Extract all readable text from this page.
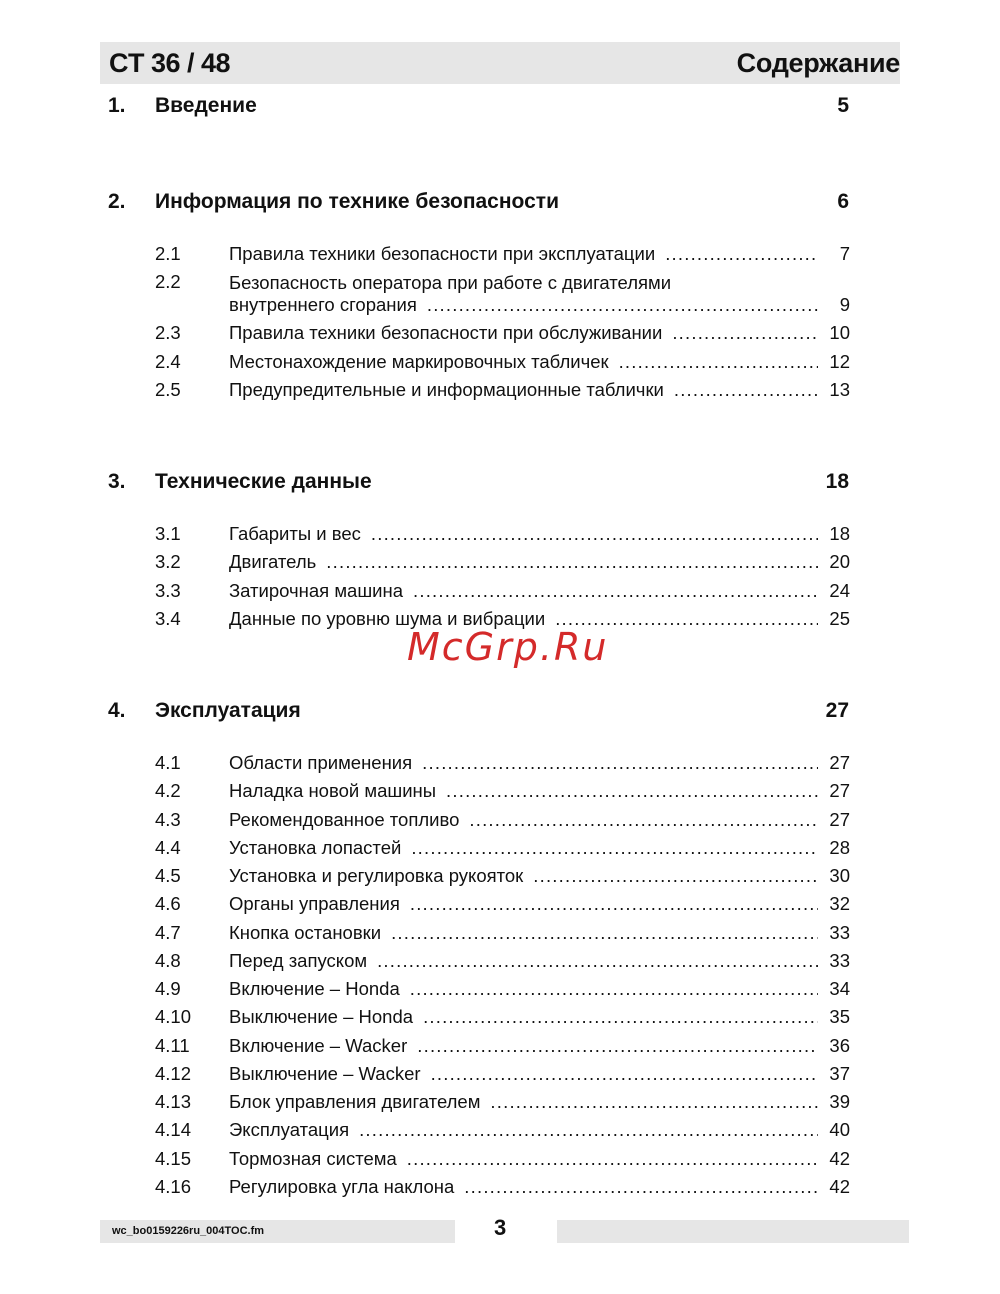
CT 36 / 48	Содержание
1. Введение	5
2. Информация по технике безопасности	6
2.1	Правила техники безопасности при эксплуатации .....	7
2.2	Безопасность оператора при работе с двигателями
внутреннего сгорания .....	9
2.3	Правила техники безопасности при обслуживании .....	10
2.4	Местонахождение маркировочных табличек .....	12
2.5	Предупредительные и информационные таблички .....	13
3. Технические данные	18
3.1	Габариты и вес .....	18
3.2	Двигатель .....	20
3.3	Затирочная машина .....	24
3.4	Данные по уровню шума и вибрации .....	25
4. Эксплуатация	27
4.1	Области применения .....	27
4.2	Наладка новой машины .....	27
4.3	Рекомендованное топливо .....	27
4.4	Установка лопастей .....	28
4.5	Установка и регулировка рукояток .....	30
4.6	Органы управления .....	32
4.7	Кнопка остановки .....	33
4.8	Перед запуском .....	33
4.9	Включение – Honda .....	34
4.10 Выключение – Honda .....	35
4.11 Включение – Wacker .....	36
4.12 Выключение – Wacker .....	37
4.13 Блок управления двигателем .....	39
4.14 Эксплуатация .....	40
4.15 Тормозная система .....	42
4.16 Регулировка угла наклона .....	42
McGrp.Ru
wc_bo0159226ru_004TOC.fm	3
